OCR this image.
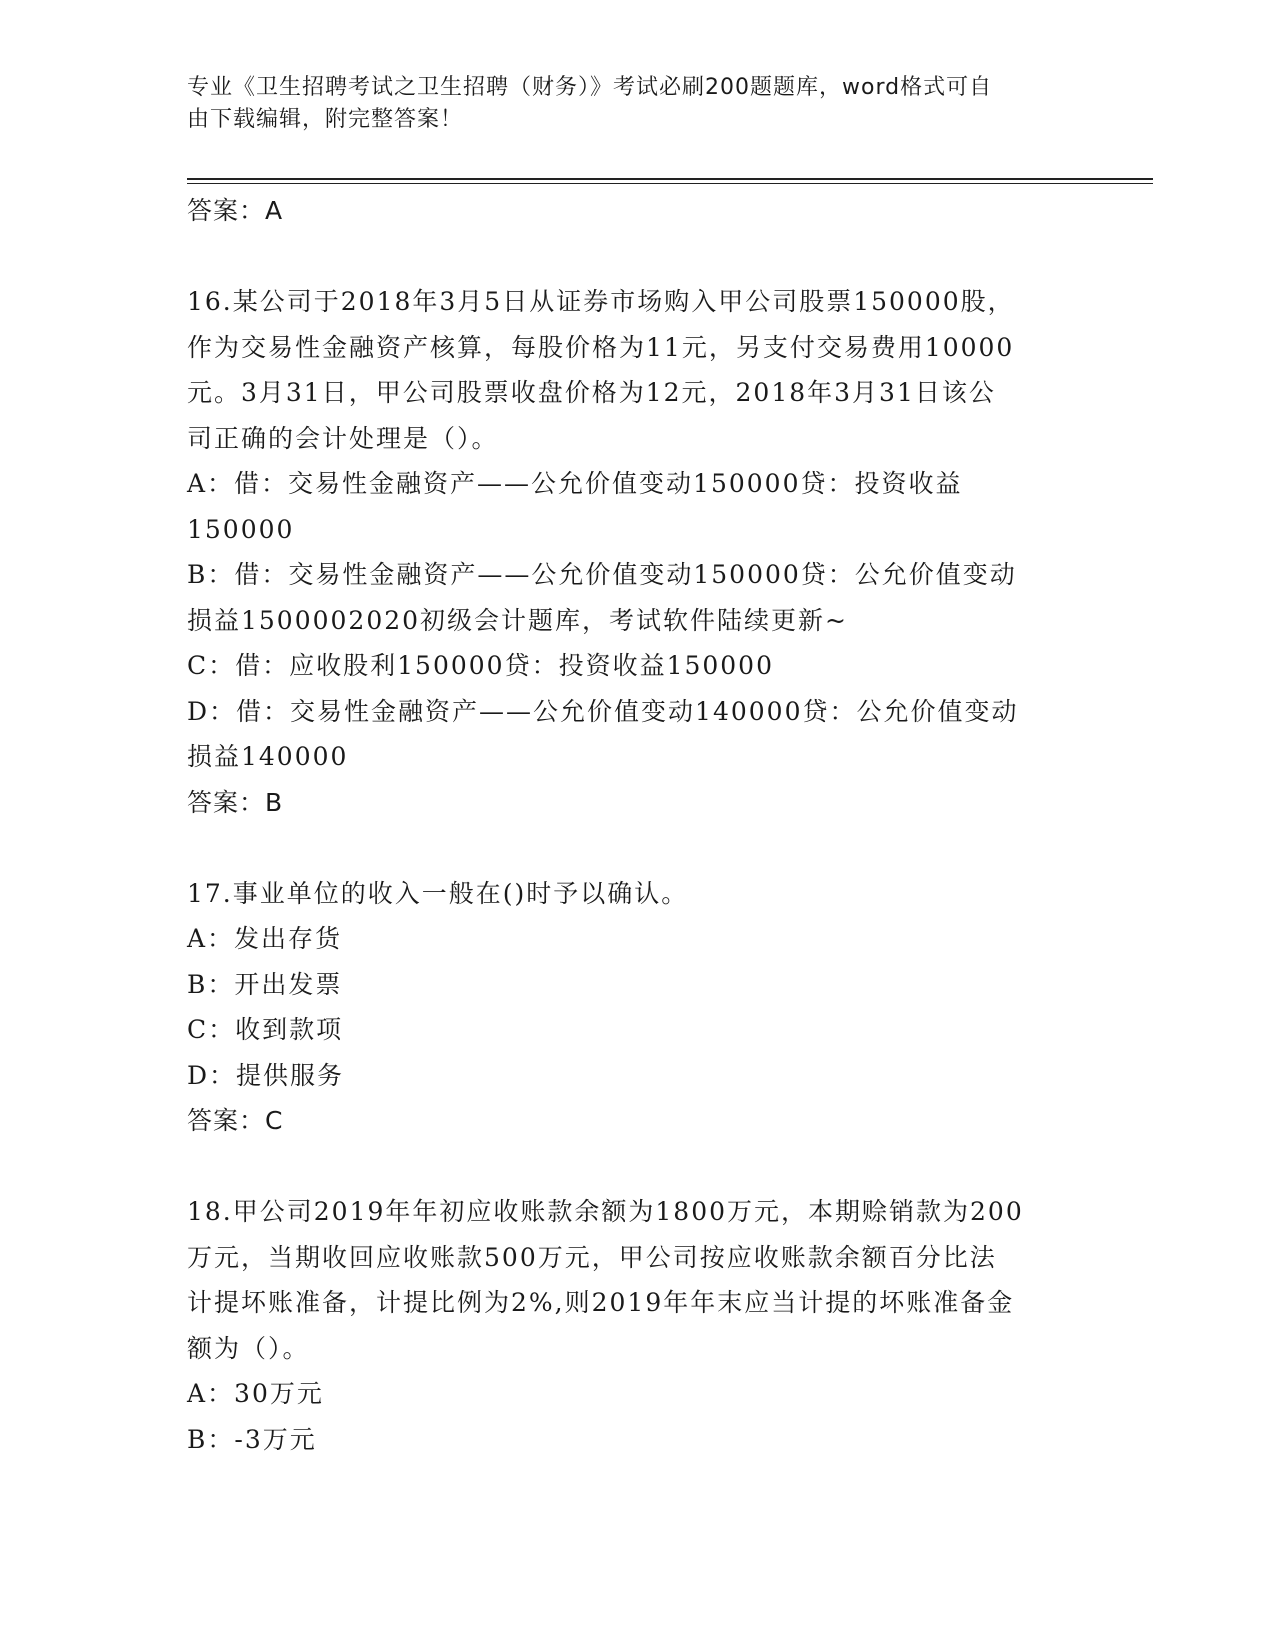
专业《卫生招聘考试之卫生招聘（财务）》考试必刷200题题库，word格式可自
由下载编辑，附完整答案！

答案：A

16.某公司于2018年3月5日从证券市场购入甲公司股票150000股，

作为交易性金融资产核算，每股价格为11元，另支付交易费用10000

元。3月31日，甲公司股票收盘价格为12元，2018年3月31日该公

司正确的会计处理是（）。

A：借：交易性金融资产——公允价值变动150000贷：投资收益

150000

B：借：交易性金融资产——公允价值变动150000贷：公允价值变动

损益1500002020初级会计题库，考试软件陆续更新~

C：借：应收股利150000贷：投资收益150000

D：借：交易性金融资产——公允价值变动140000贷：公允价值变动

损益140000

答案：B

17.事业单位的收入一般在()时予以确认。

A：发出存货

B：开出发票

C：收到款项

D：提供服务

答案：C

18.甲公司2019年年初应收账款余额为1800万元，本期赊销款为200

万元，当期收回应收账款500万元，甲公司按应收账款余额百分比法

计提坏账准备，计提比例为2%,则2019年年末应当计提的坏账准备金

额为（）。

A：30万元

B：-3万元
